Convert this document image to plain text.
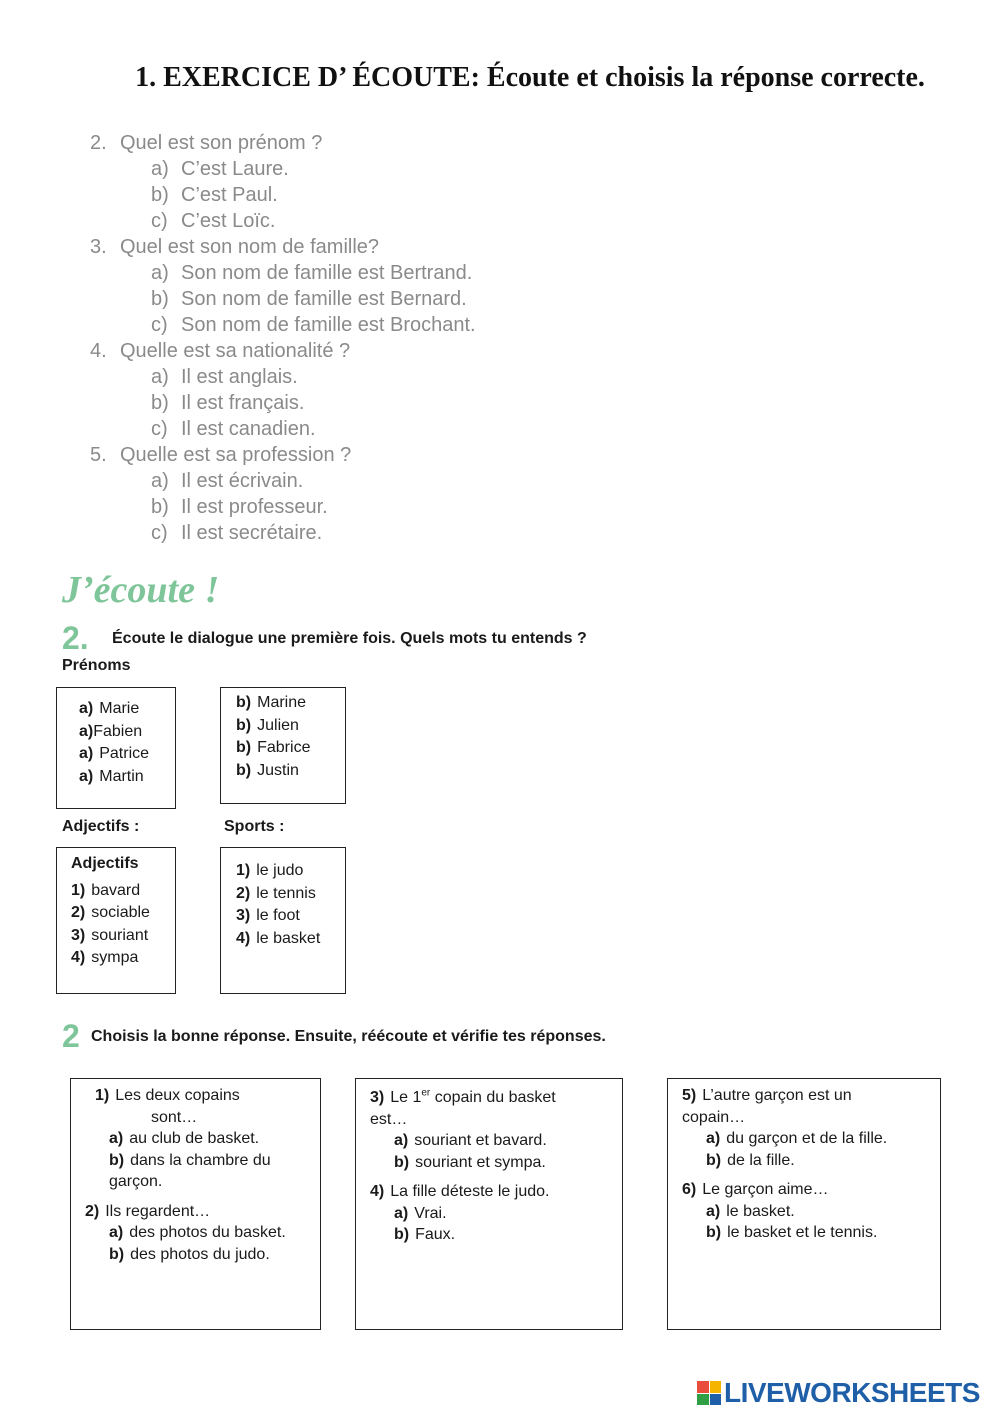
1. EXERCICE D’ ÉCOUTE: Écoute et choisis la réponse correcte.
2. Quel est son prénom ?
a) C’est Laure.
b) C’est Paul.
c) C’est Loïc.
3. Quel est son nom de famille?
a) Son nom de famille est Bertrand.
b) Son nom de famille est Bernard.
c) Son nom de famille est Brochant.
4. Quelle est sa nationalité ?
a) Il est anglais.
b) Il est français.
c) Il est canadien.
5. Quelle est sa profession ?
a) Il est écrivain.
b) Il est professeur.
c) Il est secrétaire.
J’écoute !
2. Écoute le dialogue une première fois. Quels mots tu entends ?
Prénoms
a) Marie
a)Fabien
a) Patrice
a) Martin
b) Marine
b) Julien
b) Fabrice
b) Justin
Adjectifs :	Sports :
Adjectifs
1) bavard
2) sociable
3) souriant
4) sympa
1) le judo
2) le tennis
3) le foot
4) le basket
2 Choisis la bonne réponse. Ensuite, réécoute et vérifie tes réponses.
1) Les deux copains
sont…
a) au club de basket.
b) dans la chambre du
garçon.
2) Ils regardent…
a) des photos du basket.
b) des photos du judo.
3) Le 1er copain du basket
est…
a) souriant et bavard.
b) souriant et sympa.
4) La fille déteste le judo.
a) Vrai.
b) Faux.
5) L’autre garçon est un
copain…
a) du garçon et de la fille.
b) de la fille.
6) Le garçon aime…
a) le basket.
b) le basket et le tennis.
LIVEWORKSHEETS
